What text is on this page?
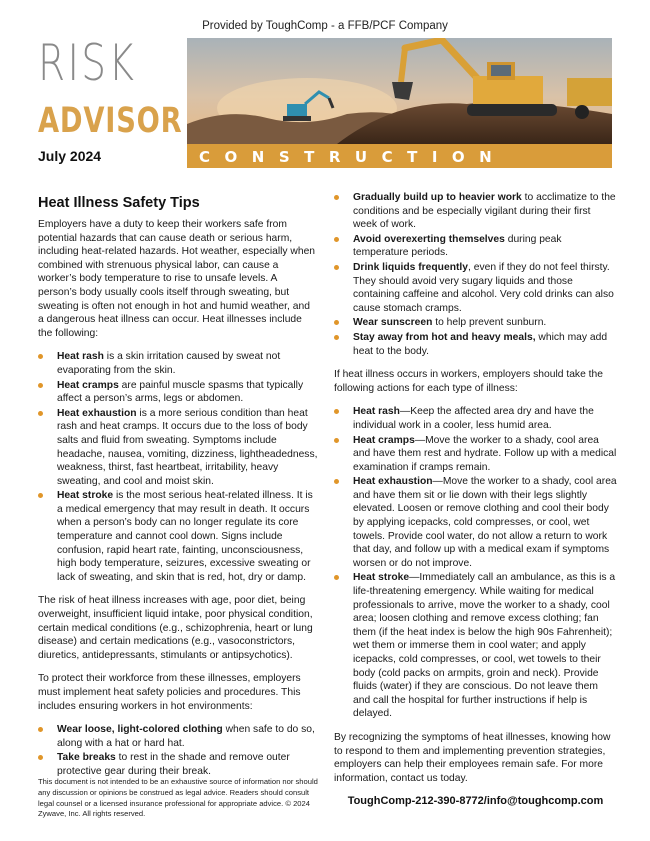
Provided by ToughComp - a FFB/PCF Company
RISK
ADVISOR
July 2024	CONSTRUCTION
Heat Illness Safety Tips

Employers have a duty to keep their workers safe from potential hazards that can cause death or serious harm, including heat-related hazards. Hot weather, especially when combined with strenuous physical labor, can cause a worker’s body temperature to rise to unsafe levels. A person’s body usually cools itself through sweating, but sweating is often not enough in hot and humid weather, and a dangerous heat illness can occur. Heat illnesses include the following:

Heat rash is a skin irritation caused by sweat not evaporating from the skin.
Heat cramps are painful muscle spasms that typically affect a person’s arms, legs or abdomen.
Heat exhaustion is a more serious condition than heat rash and heat cramps. It occurs due to the loss of body salts and fluid from sweating. Symptoms include headache, nausea, vomiting, dizziness, lightheadedness, weakness, thirst, fast heartbeat, irritability, heavy sweating, and cool and moist skin.
Heat stroke is the most serious heat-related illness. It is a medical emergency that may result in death. It occurs when a person’s body can no longer regulate its core temperature and cannot cool down. Signs include confusion, rapid heart rate, fainting, unconsciousness, high body temperature, seizures, excessive sweating or lack of sweating, and skin that is red, hot, dry or damp.

The risk of heat illness increases with age, poor diet, being overweight, insufficient liquid intake, poor physical condition, certain medical conditions (e.g., schizophrenia, heart or lung disease) and certain medications (e.g., vasoconstrictors, diuretics, antidepressants, stimulants or antipsychotics).

To protect their workforce from these illnesses, employers must implement heat safety policies and procedures. This includes ensuring workers in hot environments:

Wear loose, light-colored clothing when safe to do so, along with a hat or hard hat.
Take breaks to rest in the shade and remove outer protective gear during their break.
Gradually build up to heavier work to acclimatize to the conditions and be especially vigilant during their first week of work.
Avoid overexerting themselves during peak temperature periods.
Drink liquids frequently, even if they do not feel thirsty. They should avoid very sugary liquids and those containing caffeine and alcohol. Very cold drinks can also cause stomach cramps.
Wear sunscreen to help prevent sunburn.
Stay away from hot and heavy meals, which may add heat to the body.

If heat illness occurs in workers, employers should take the following actions for each type of illness:

Heat rash—Keep the affected area dry and have the individual work in a cooler, less humid area.
Heat cramps—Move the worker to a shady, cool area and have them rest and hydrate. Follow up with a medical examination if cramps remain.
Heat exhaustion—Move the worker to a shady, cool area and have them sit or lie down with their legs slightly elevated. Loosen or remove clothing and cool their body by applying icepacks, cold compresses, or cool, wet towels. Provide cool water, do not allow a return to work that day, and follow up with a medical exam if symptoms worsen or do not improve.
Heat stroke—Immediately call an ambulance, as this is a life-threatening emergency. While waiting for medical professionals to arrive, move the worker to a shady, cool area; loosen clothing and remove excess clothing; fan them (if the heat index is below the high 90s Fahrenheit); wet them or immerse them in cool water; and apply icepacks, cold compresses, or cool, wet towels to their body (cold packs on armpits, groin and neck). Provide fluids (water) if they are conscious. Do not leave them and call the hospital for further instructions if help is delayed.

By recognizing the symptoms of heat illnesses, knowing how to respond to them and implementing prevention strategies, employers can help their employees remain safe. For more information, contact us today.

ToughComp-212-390-8772/info@toughcomp.com
This document is not intended to be an exhaustive source of information nor should any discussion or opinions be construed as legal advice. Readers should consult legal counsel or a licensed insurance professional for appropriate advice. © 2024 Zywave, Inc. All rights reserved.
